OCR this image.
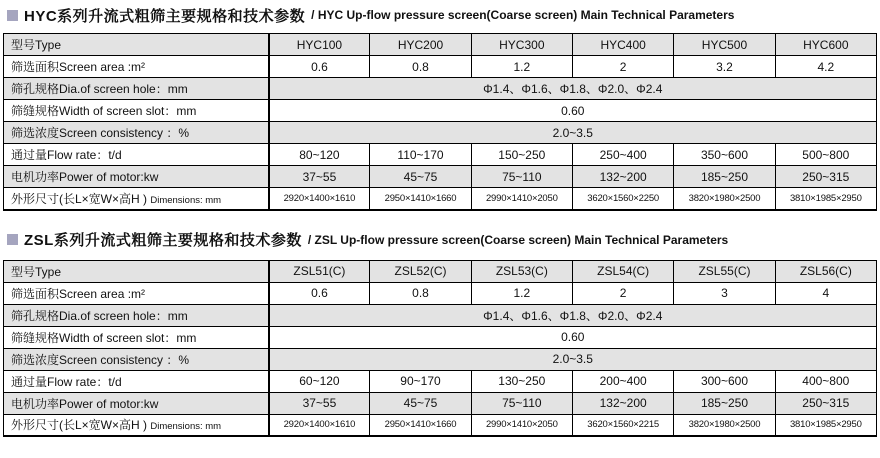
HYC系列升流式粗筛主要规格和技术参数 / HYC Up-flow pressure screen(Coarse screen) Main Technical Parameters
型号Type	HYC100	HYC200	HYC300	HYC400	HYC500	HYC600
筛选面积Screen area :m²	0.6	0.8	1.2	2	3.2	4.2
筛孔规格Dia.of screen hole：mm	Φ1.4、Φ1.6、Φ1.8、Φ2.0、Φ2.4					
筛缝规格Width of screen slot：mm	0.60					
筛选浓度Screen consistency ：%	2.0~3.5					
通过量Flow rate：t/d	80~120	110~170	150~250	250~400	350~600	500~800
电机功率Power of motor:kw	37~55	45~75	75~110	132~200	185~250	250~315
外形尺寸(长L×宽W×高H ) Dimensions: mm	2920×1400×1610	2950×1410×1660	2990×1410×2050	3620×1560×2250	3820×1980×2500	3810×1985×2950
ZSL系列升流式粗筛主要规格和技术参数 / ZSL Up-flow pressure screen(Coarse screen) Main Technical Parameters
型号Type	ZSL51(C)	ZSL52(C)	ZSL53(C)	ZSL54(C)	ZSL55(C)	ZSL56(C)
筛选面积Screen area :m²	0.6	0.8	1.2	2	3	4
筛孔规格Dia.of screen hole：mm	Φ1.4、Φ1.6、Φ1.8、Φ2.0、Φ2.4					
筛缝规格Width of screen slot：mm	0.60					
筛选浓度Screen consistency ：%	2.0~3.5					
通过量Flow rate：t/d	60~120	90~170	130~250	200~400	300~600	400~800
电机功率Power of motor:kw	37~55	45~75	75~110	132~200	185~250	250~315
外形尺寸(长L×宽W×高H ) Dimensions: mm	2920×1400×1610	2950×1410×1660	2990×1410×2050	3620×1560×2215	3820×1980×2500	3810×1985×2950
